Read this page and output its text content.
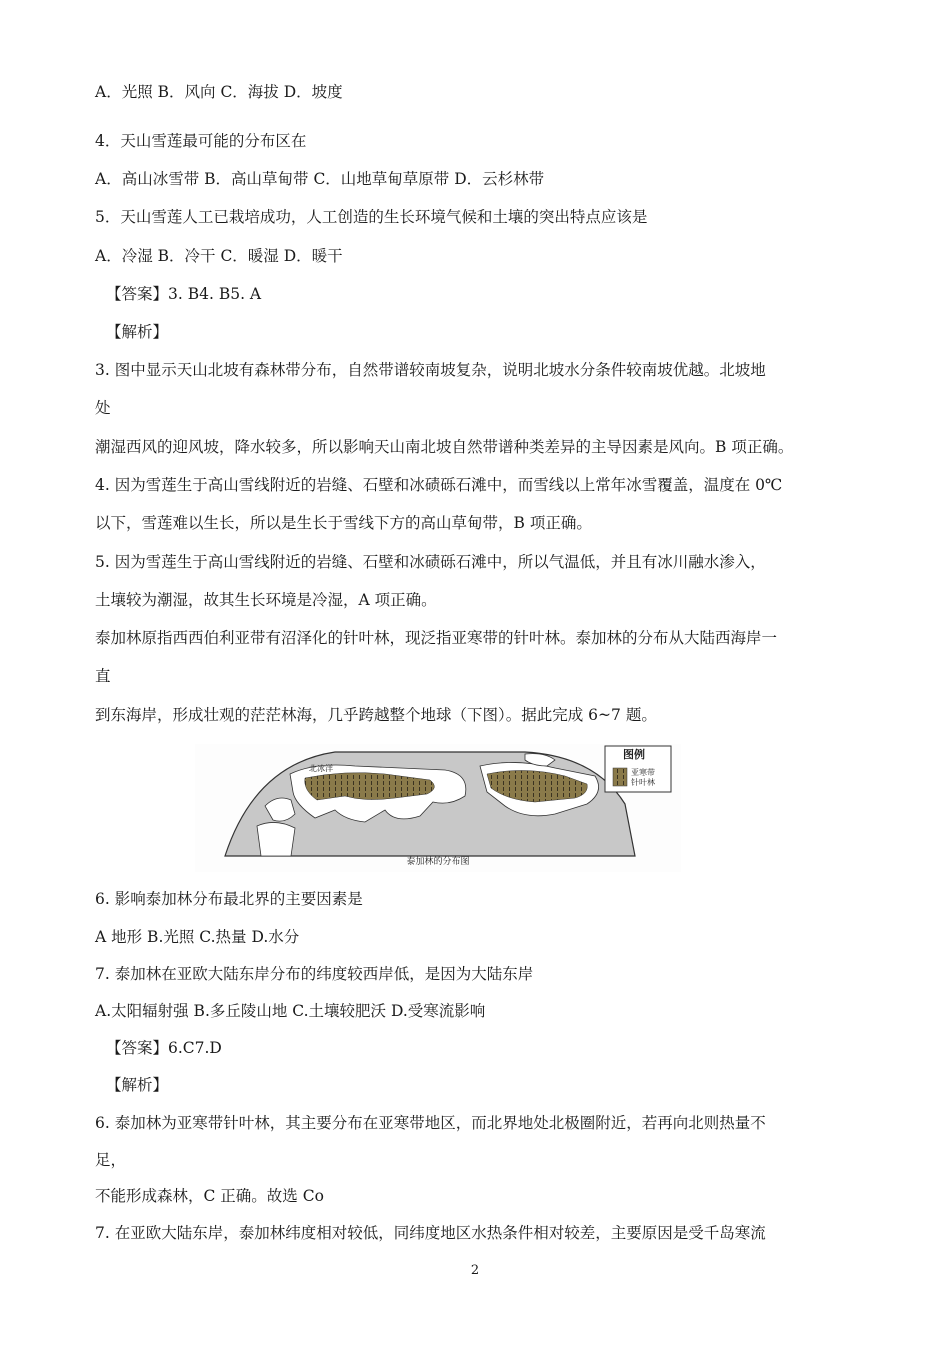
A．光照 B．风向 C．海拔 D．坡度
4．天山雪莲最可能的分布区在
A．高山冰雪带 B．高山草甸带 C．山地草甸草原带 D．云杉林带
5．天山雪莲人工已栽培成功，人工创造的生长环境气候和土壤的突出特点应该是
A．冷湿 B．冷干 C．暖湿 D．暖干
【答案】3. B4. B5. A
【解析】
3. 图中显示天山北坡有森林带分布，自然带谱较南坡复杂，说明北坡水分条件较南坡优越。北坡地
处
潮湿西风的迎风坡，降水较多，所以影响天山南北坡自然带谱种类差异的主导因素是风向。B 项正确。
4. 因为雪莲生于高山雪线附近的岩缝、石壁和冰碛砾石滩中，而雪线以上常年冰雪覆盖，温度在 0℃
以下，雪莲难以生长，所以是生长于雪线下方的高山草甸带，B 项正确。
5. 因为雪莲生于高山雪线附近的岩缝、石壁和冰碛砾石滩中，所以气温低，并且有冰川融水渗入，
土壤较为潮湿，故其生长环境是冷湿，A 项正确。
泰加林原指西西伯利亚带有沼泽化的针叶林，现泛指亚寒带的针叶林。泰加林的分布从大陆西海岸一
直
到东海岸，形成壮观的茫茫林海，几乎跨越整个地球（下图）。据此完成 6~7 题。
图例
亚寒带
针叶林
北冰洋
泰加林的分布图
6. 影响泰加林分布最北界的主要因素是
A 地形 B.光照 C.热量 D.水分
7. 泰加林在亚欧大陆东岸分布的纬度较西岸低，是因为大陆东岸
A.太阳辐射强 B.多丘陵山地 C.土壤较肥沃 D.受寒流影响
【答案】6.C7.D
【解析】
6. 泰加林为亚寒带针叶林，其主要分布在亚寒带地区，而北界地处北极圈附近，若再向北则热量不
足，
不能形成森林，C 正确。故选 Co
7. 在亚欧大陆东岸，泰加林纬度相对较低，同纬度地区水热条件相对较差，主要原因是受千岛寒流
2
